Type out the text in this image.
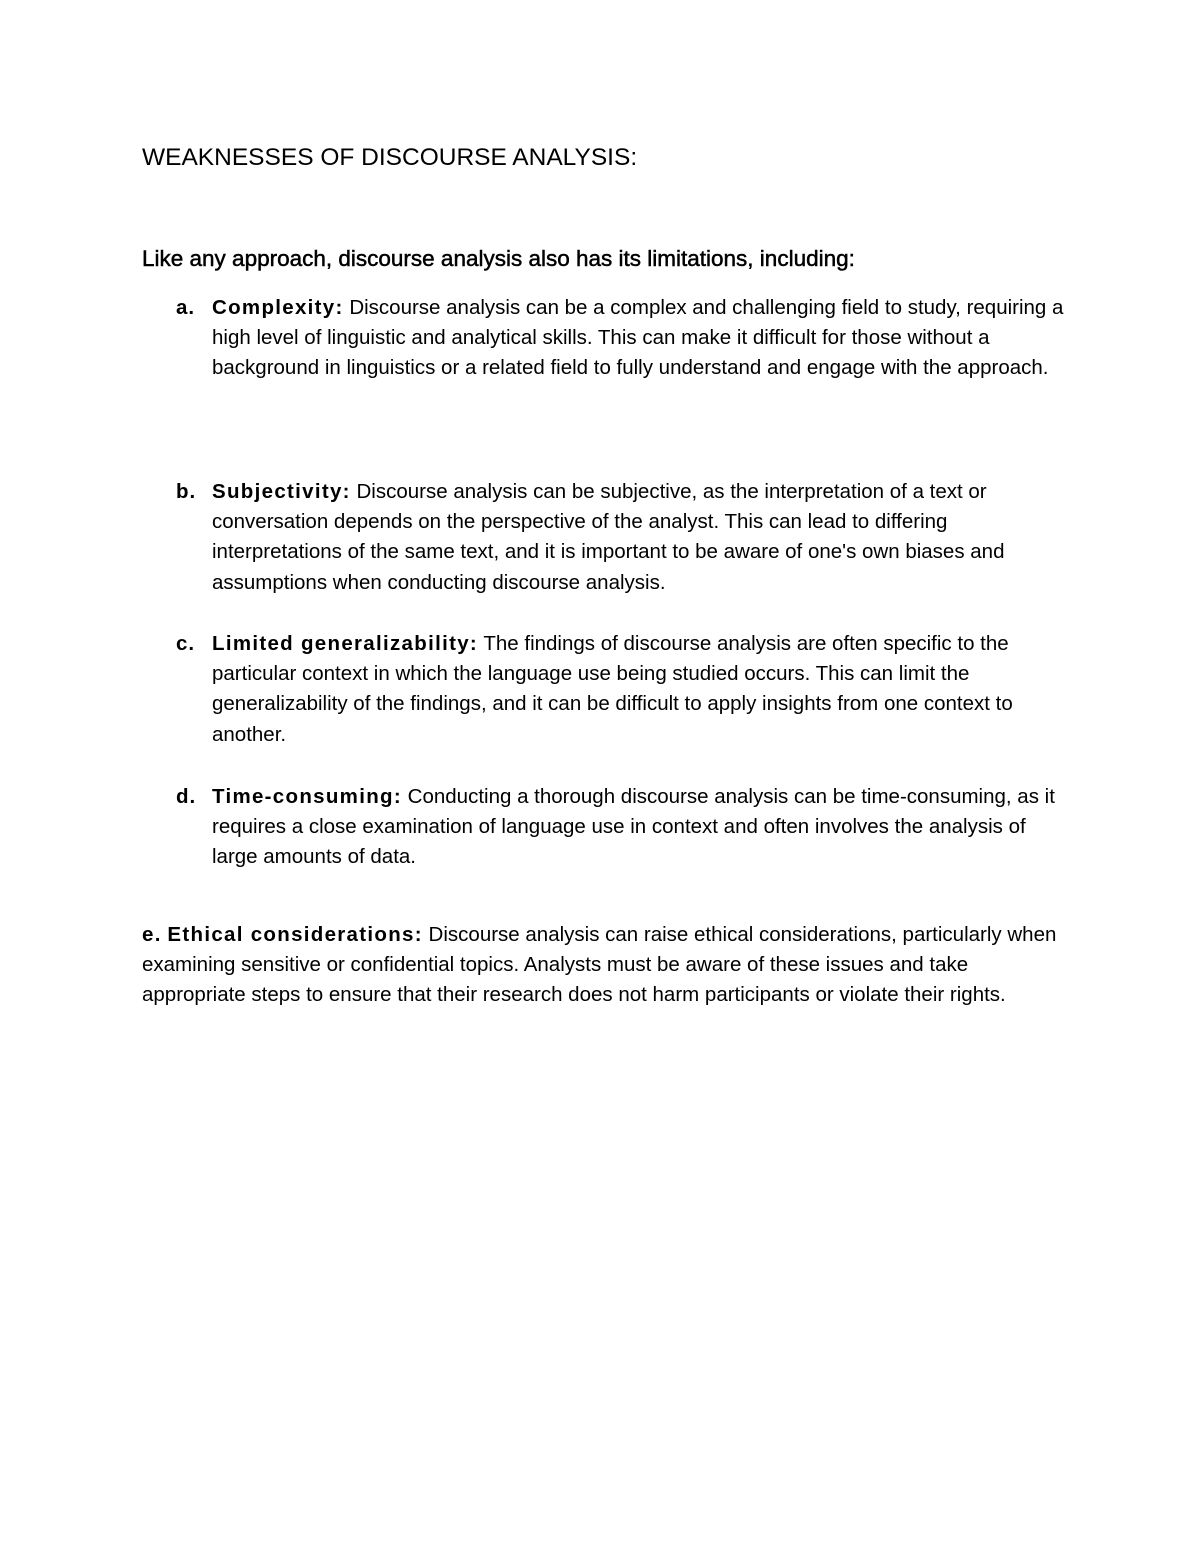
WEAKNESSES OF DISCOURSE ANALYSIS:
Like any approach, discourse analysis also has its limitations, including:
a. Complexity: Discourse analysis can be a complex and challenging field to study, requiring a high level of linguistic and analytical skills. This can make it difficult for those without a background in linguistics or a related field to fully understand and engage with the approach.
b. Subjectivity: Discourse analysis can be subjective, as the interpretation of a text or conversation depends on the perspective of the analyst. This can lead to differing interpretations of the same text, and it is important to be aware of one's own biases and assumptions when conducting discourse analysis.
c. Limited generalizability: The findings of discourse analysis are often specific to the particular context in which the language use being studied occurs. This can limit the generalizability of the findings, and it can be difficult to apply insights from one context to another.
d. Time-consuming: Conducting a thorough discourse analysis can be time-consuming, as it requires a close examination of language use in context and often involves the analysis of large amounts of data.
e. Ethical considerations: Discourse analysis can raise ethical considerations, particularly when examining sensitive or confidential topics. Analysts must be aware of these issues and take appropriate steps to ensure that their research does not harm participants or violate their rights.
